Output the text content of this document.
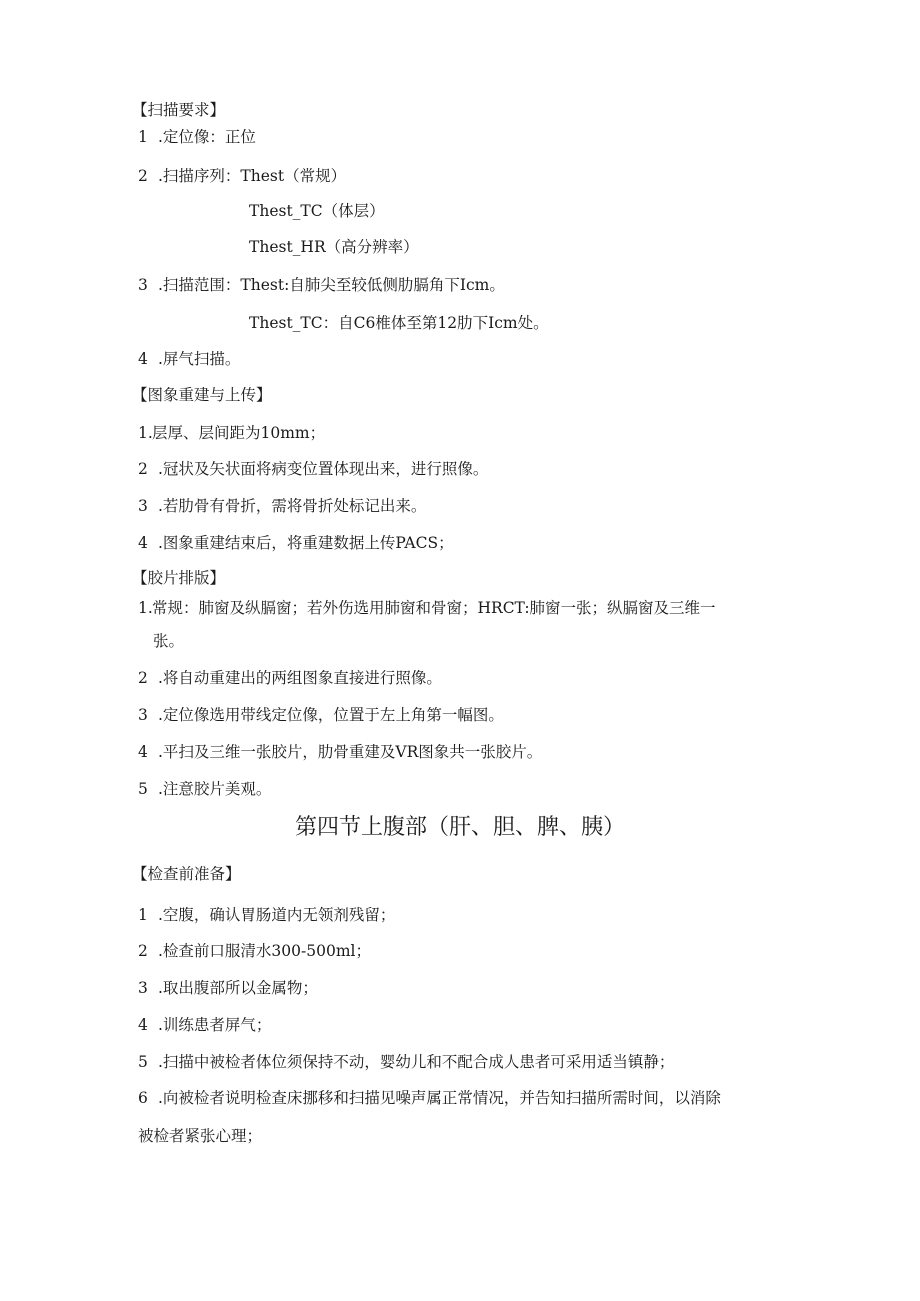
【扫描要求】
1 .定位像：正位
2 .扫描序列：Thest（常规）
Thest_TC（体层）
Thest_HR（高分辨率）
3 .扫描范围：Thest:自肺尖至较低侧肋膈角下Icm。
Thest_TC：自C6椎体至第12肋下Icm处。
4 .屏气扫描。
【图象重建与上传】
1.层厚、层间距为10mm；
2 .冠状及矢状面将病变位置体现出来，进行照像。
3 .若肋骨有骨折，需将骨折处标记出来。
4 .图象重建结束后，将重建数据上传PACS；
【胶片排版】
1.常规：肺窗及纵膈窗；若外伤选用肺窗和骨窗；HRCT:肺窗一张；纵膈窗及三维一
张。
2 .将自动重建出的两组图象直接进行照像。
3 .定位像选用带线定位像，位置于左上角第一幅图。
4 .平扫及三维一张胶片，肋骨重建及VR图象共一张胶片。
5 .注意胶片美观。
第四节上腹部（肝、胆、脾、胰）
【检查前准备】
1 .空腹，确认胃肠道内无领剂残留；
2 .检查前口服清水300-500ml；
3 .取出腹部所以金属物；
4 .训练患者屏气；
5 .扫描中被检者体位须保持不动，婴幼儿和不配合成人患者可采用适当镇静；
6 .向被检者说明检查床挪移和扫描见噪声属正常情况，并告知扫描所需时间，以消除
被检者紧张心理；
